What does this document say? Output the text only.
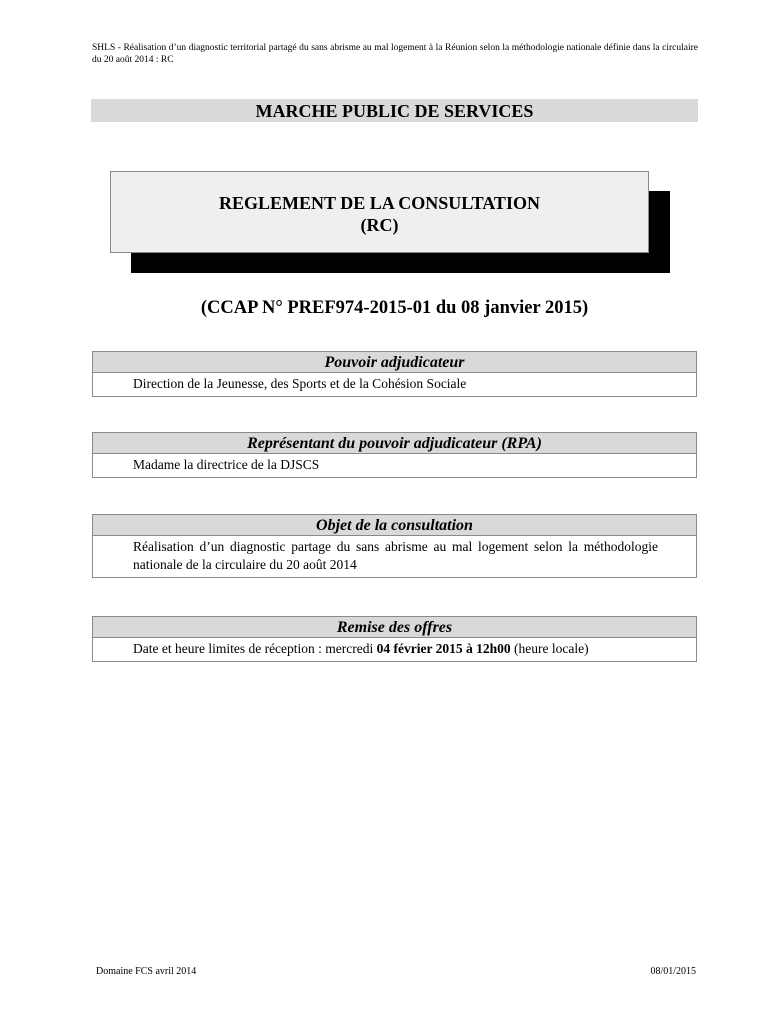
SHLS - Réalisation d’un diagnostic territorial partagé du sans abrisme au mal logement à la Réunion selon la méthodologie nationale définie dans la circulaire du 20 août 2014 : RC
MARCHE PUBLIC DE SERVICES
REGLEMENT DE LA CONSULTATION
(RC)
(CCAP N° PREF974-2015-01 du 08 janvier 2015)
Pouvoir adjudicateur
Direction de la Jeunesse, des Sports et de la Cohésion Sociale
Représentant du pouvoir adjudicateur (RPA)
Madame la directrice de la DJSCS
Objet de la consultation
Réalisation d’un diagnostic partage du sans abrisme au mal logement selon la méthodologie nationale de la circulaire du 20 août 2014
Remise des offres
Date et heure limites de réception : mercredi 04 février 2015 à 12h00 (heure locale)
Domaine FCS avril 2014	08/01/2015
